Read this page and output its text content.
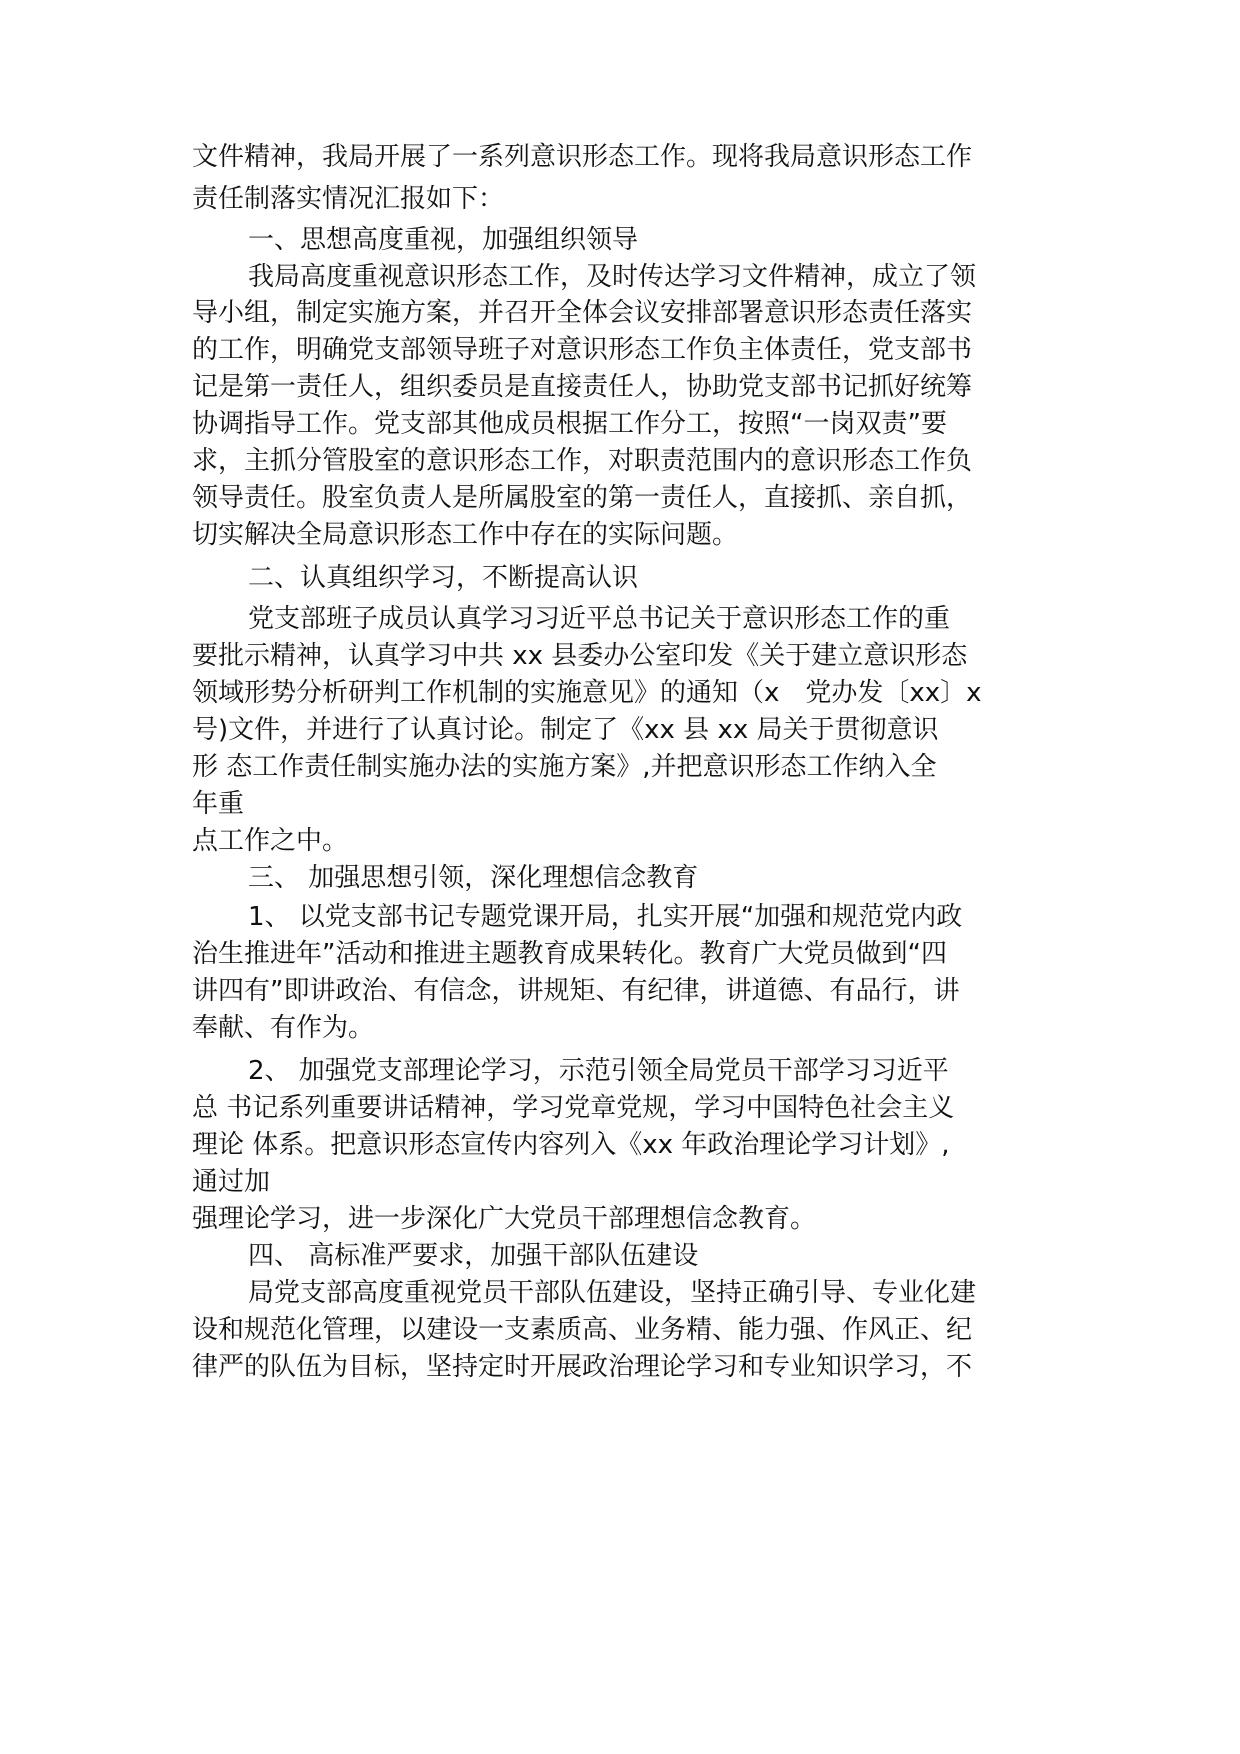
文件精神，我局开展了一系列意识形态工作。现将我局意识形态工作

责任制落实情况汇报如下：

一、思想高度重视，加强组织领导

我局高度重视意识形态工作，及时传达学习文件精神，成立了领

导小组，制定实施方案，并召开全体会议安排部署意识形态责任落实

的工作，明确党支部领导班子对意识形态工作负主体责任，党支部书

记是第一责任人，组织委员是直接责任人，协助党支部书记抓好统筹

协调指导工作。党支部其他成员根据工作分工，按照“一岗双责”要

求，主抓分管股室的意识形态工作，对职责范围内的意识形态工作负

领导责任。股室负责人是所属股室的第一责任人，直接抓、亲自抓，

切实解决全局意识形态工作中存在的实际问题。

二、认真组织学习，不断提高认识

党支部班子成员认真学习习近平总书记关于意识形态工作的重

要批示精神，认真学习中共 xx 县委办公室印发《关于建立意识形态

领域形势分析研判工作机制的实施意见》的通知（x　党办发〔xx〕x

号)文件，并进行了认真讨论。制定了《xx 县 xx 局关于贯彻意识

形 态工作责任制实施办法的实施方案》,并把意识形态工作纳入全

年重

点工作之中。

三、 加强思想引领，深化理想信念教育

1、 以党支部书记专题党课开局，扎实开展“加强和规范党内政

治生推进年”活动和推进主题教育成果转化。教育广大党员做到“四

讲四有”即讲政治、有信念，讲规矩、有纪律，讲道德、有品行，讲

奉献、有作为。

2、 加强党支部理论学习，示范引领全局党员干部学习习近平

总 书记系列重要讲话精神，学习党章党规，学习中国特色社会主义

理论 体系。把意识形态宣传内容列入《xx 年政治理论学习计划》,

通过加

强理论学习，进一步深化广大党员干部理想信念教育。

四、 高标准严要求，加强干部队伍建设

局党支部高度重视党员干部队伍建设，坚持正确引导、专业化建

设和规范化管理，以建设一支素质高、业务精、能力强、作风正、纪

律严的队伍为目标，坚持定时开展政治理论学习和专业知识学习，不
